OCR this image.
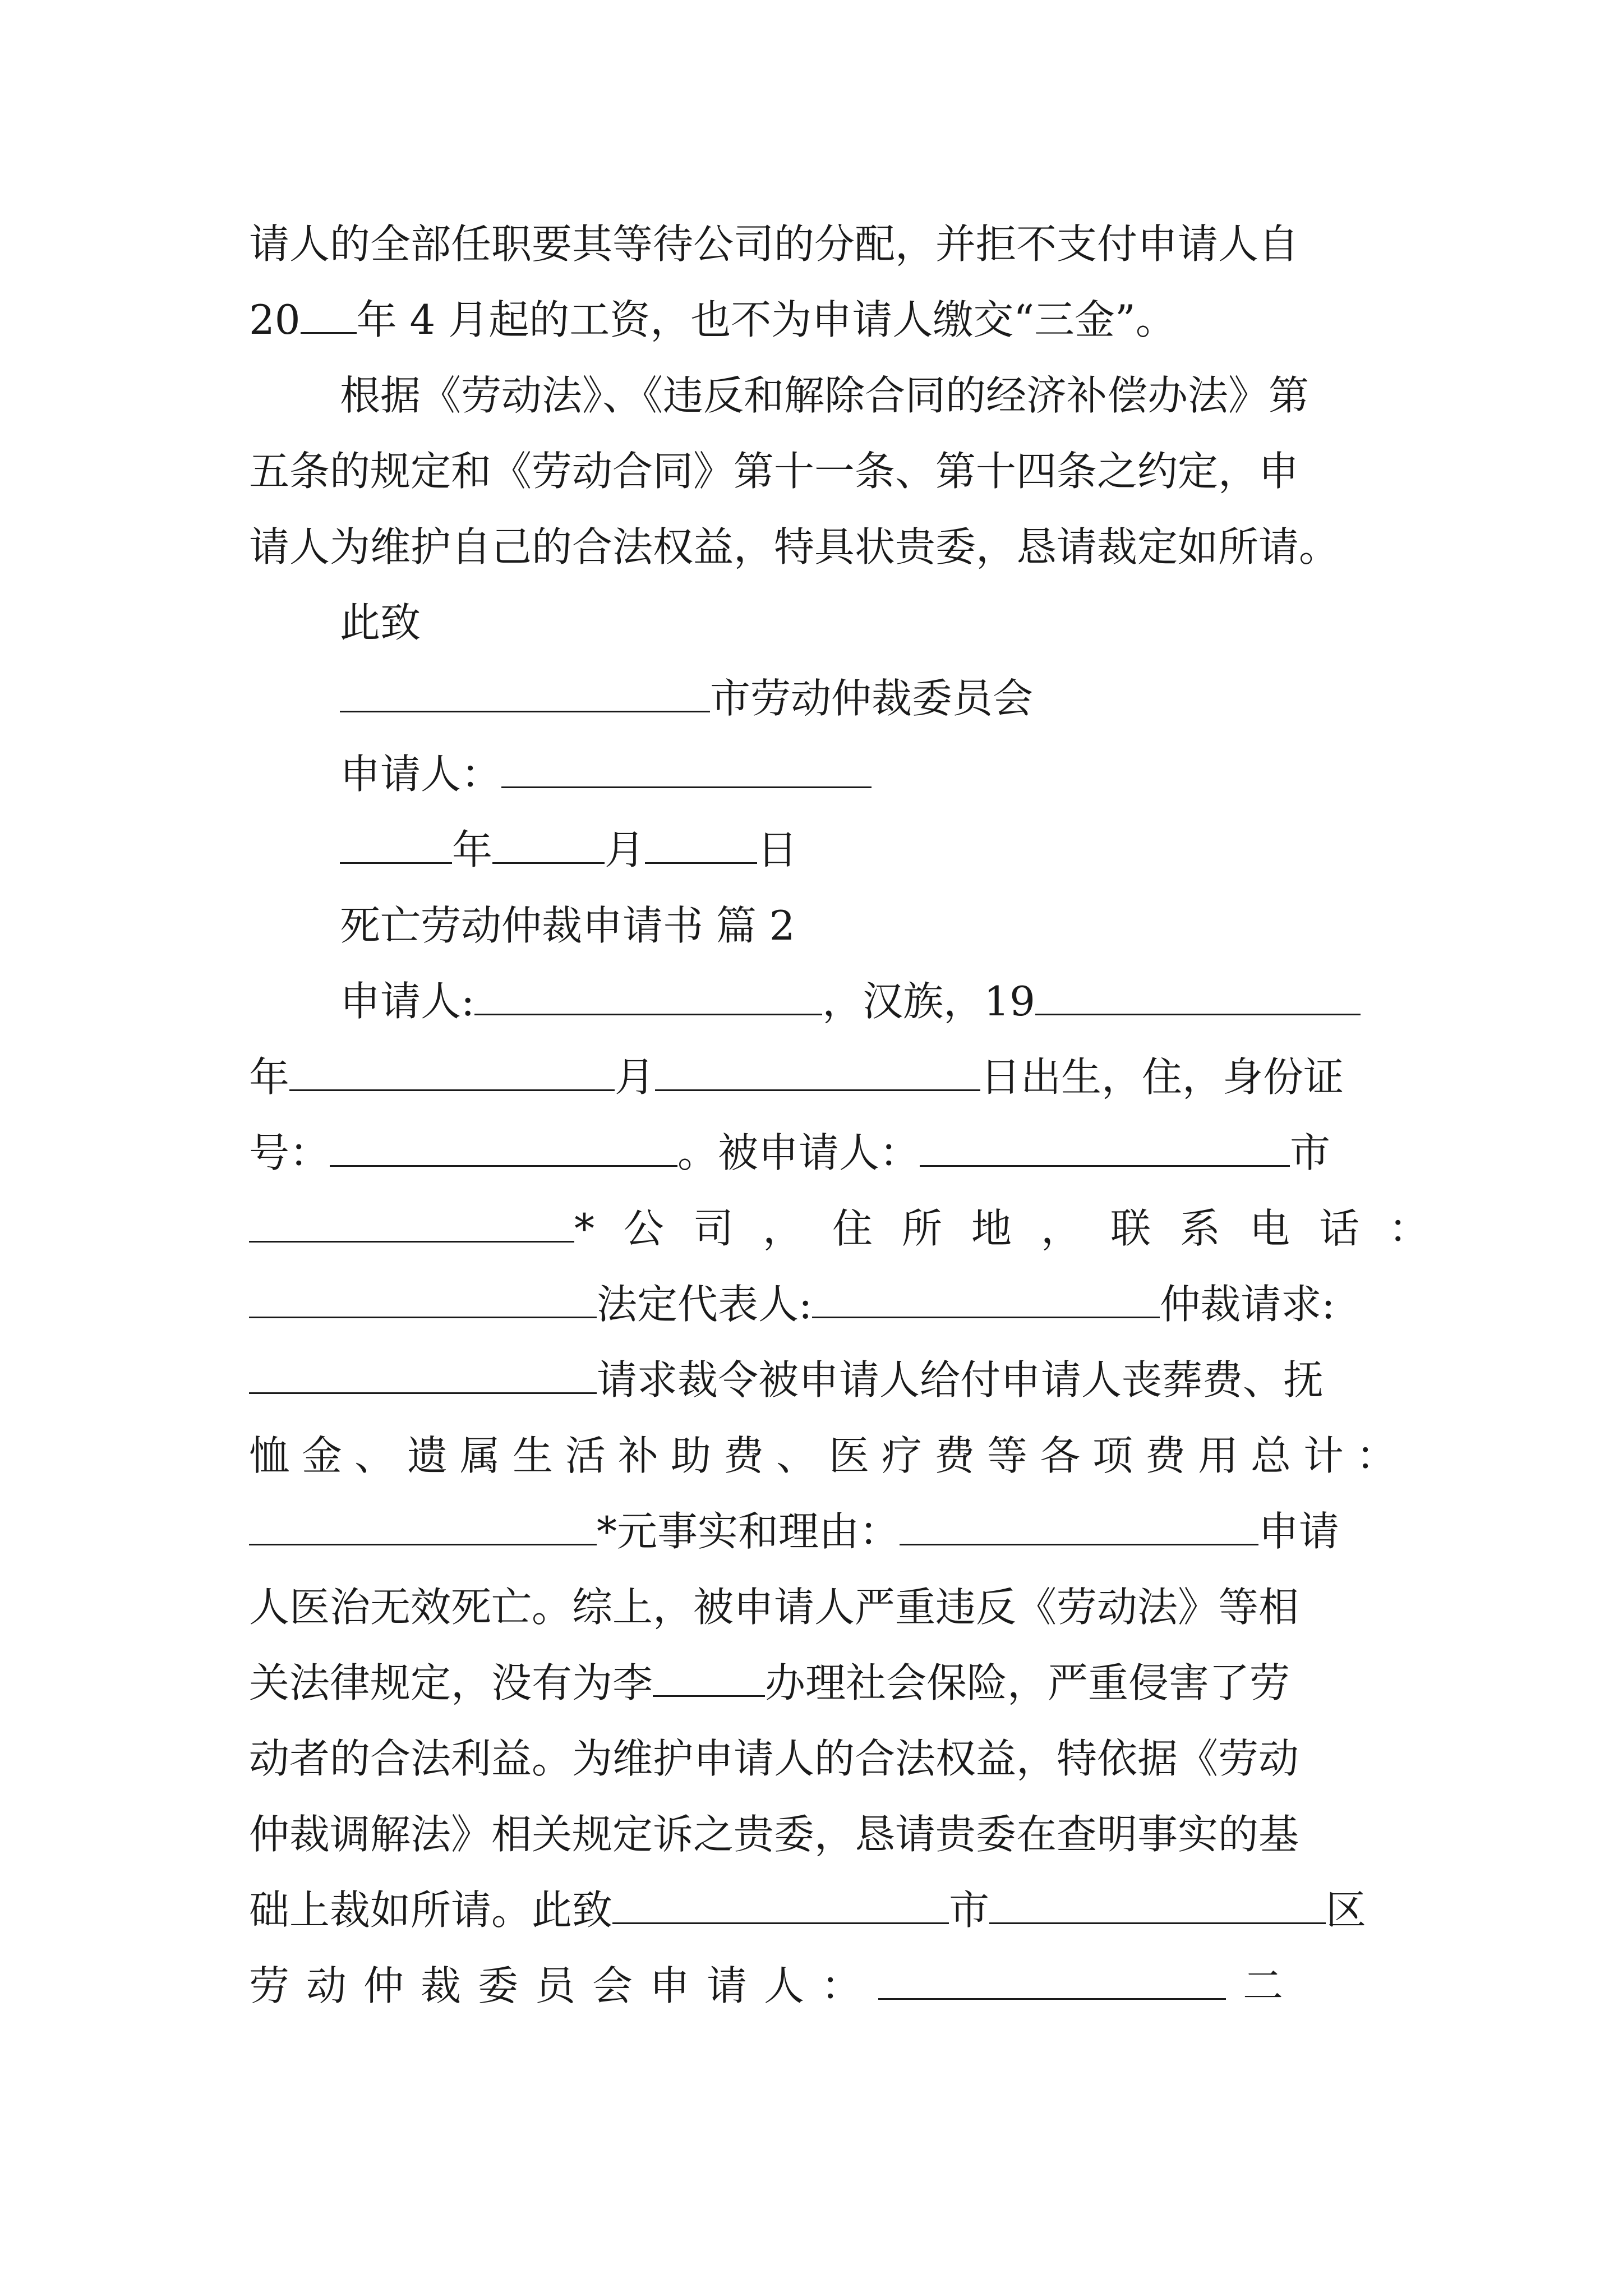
请人的全部任职要其等待公司的分配，并拒不支付申请人自
20 年 4 月起的工资，也不为申请人缴交“三金”。
根据《劳动法》、《违反和解除合同的经济补偿办法》第
五条的规定和《劳动合同》第十一条、第十四条之约定，申
请人为维护自己的合法权益，特具状贵委，恳请裁定如所请。
此致
市劳动仲裁委员会
申请人：
年	月	日
死亡劳动仲裁申请书 篇 2
申请人:	，汉族，19
年	月	日出生，住，身份证
号：	。被申请人：	市
*公司，住所地，联系电话：
法定代表人:	仲裁请求:
请求裁令被申请人给付申请人丧葬费、抚
恤金、遗属生活补助费、医疗费等各项费用总计：
*元事实和理由：	申请
人医治无效死亡。综上，被申请人严重违反《劳动法》等相
关法律规定，没有为李	办理社会保险，严重侵害了劳
动者的合法利益。为维护申请人的合法权益，特依据《劳动
仲裁调解法》相关规定诉之贵委，恳请贵委在查明事实的基
础上裁如所请。此致	市	区
劳动仲裁委员会申请人：	二
